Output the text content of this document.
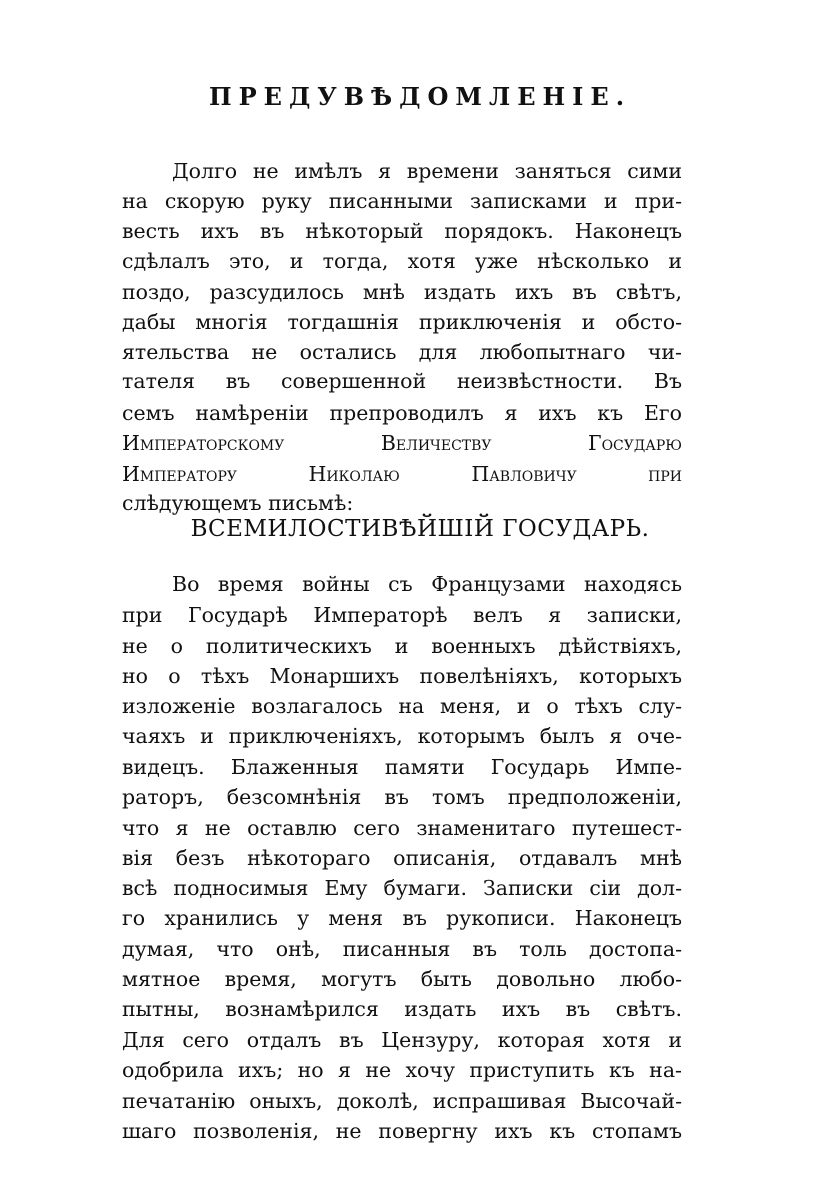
ПРЕДУВѢДОМЛЕНІЕ.
Долго не имѣлъ я времени заняться сими
на скорую руку писанными записками и при-
весть ихъ въ нѣкоторый порядокъ. Наконецъ
сдѣлалъ это, и тогда, хотя уже нѣсколько и
поздо, разсудилось мнѣ издать ихъ въ свѣтъ,
дабы многія тогдашнія приключенія и обсто-
ятельства не остались для любопытнаго чи-
тателя въ совершенной неизвѣстности. Въ
семъ намѣреніи препроводилъ я ихъ къ Его
Императорскому Величеству Государю
Императору Николаю Павловичу при
слѣдующемъ письмѣ:
ВСЕМИЛОСТИВѢЙШІЙ ГОСУДАРЬ.
Во время войны съ Французами находясь
при Государѣ Императорѣ велъ я записки,
не о политическихъ и военныхъ дѣйствіяхъ,
но о тѣхъ Монаршихъ повелѣніяхъ, которыхъ
изложеніе возлагалось на меня, и о тѣхъ слу-
чаяхъ и приключеніяхъ, которымъ былъ я оче-
видецъ. Блаженныя памяти Государь Импе-
раторъ, безсомнѣнія въ томъ предположеніи,
что я не оставлю сего знаменитаго путешест-
вія безъ нѣкотораго описанія, отдавалъ мнѣ
всѣ подносимыя Ему бумаги. Записки сіи дол-
го хранились у меня въ рукописи. Наконецъ
думая, что онѣ, писанныя въ толь достопа-
мятное время, могутъ быть довольно любо-
пытны, вознамѣрился издать ихъ въ свѣтъ.
Для сего отдалъ въ Цензуру, которая хотя и
одобрила ихъ; но я не хочу приступить къ на-
печатанію оныхъ, доколѣ, испрашивая Высочай-
шаго позволенія, не повергну ихъ къ стопамъ
